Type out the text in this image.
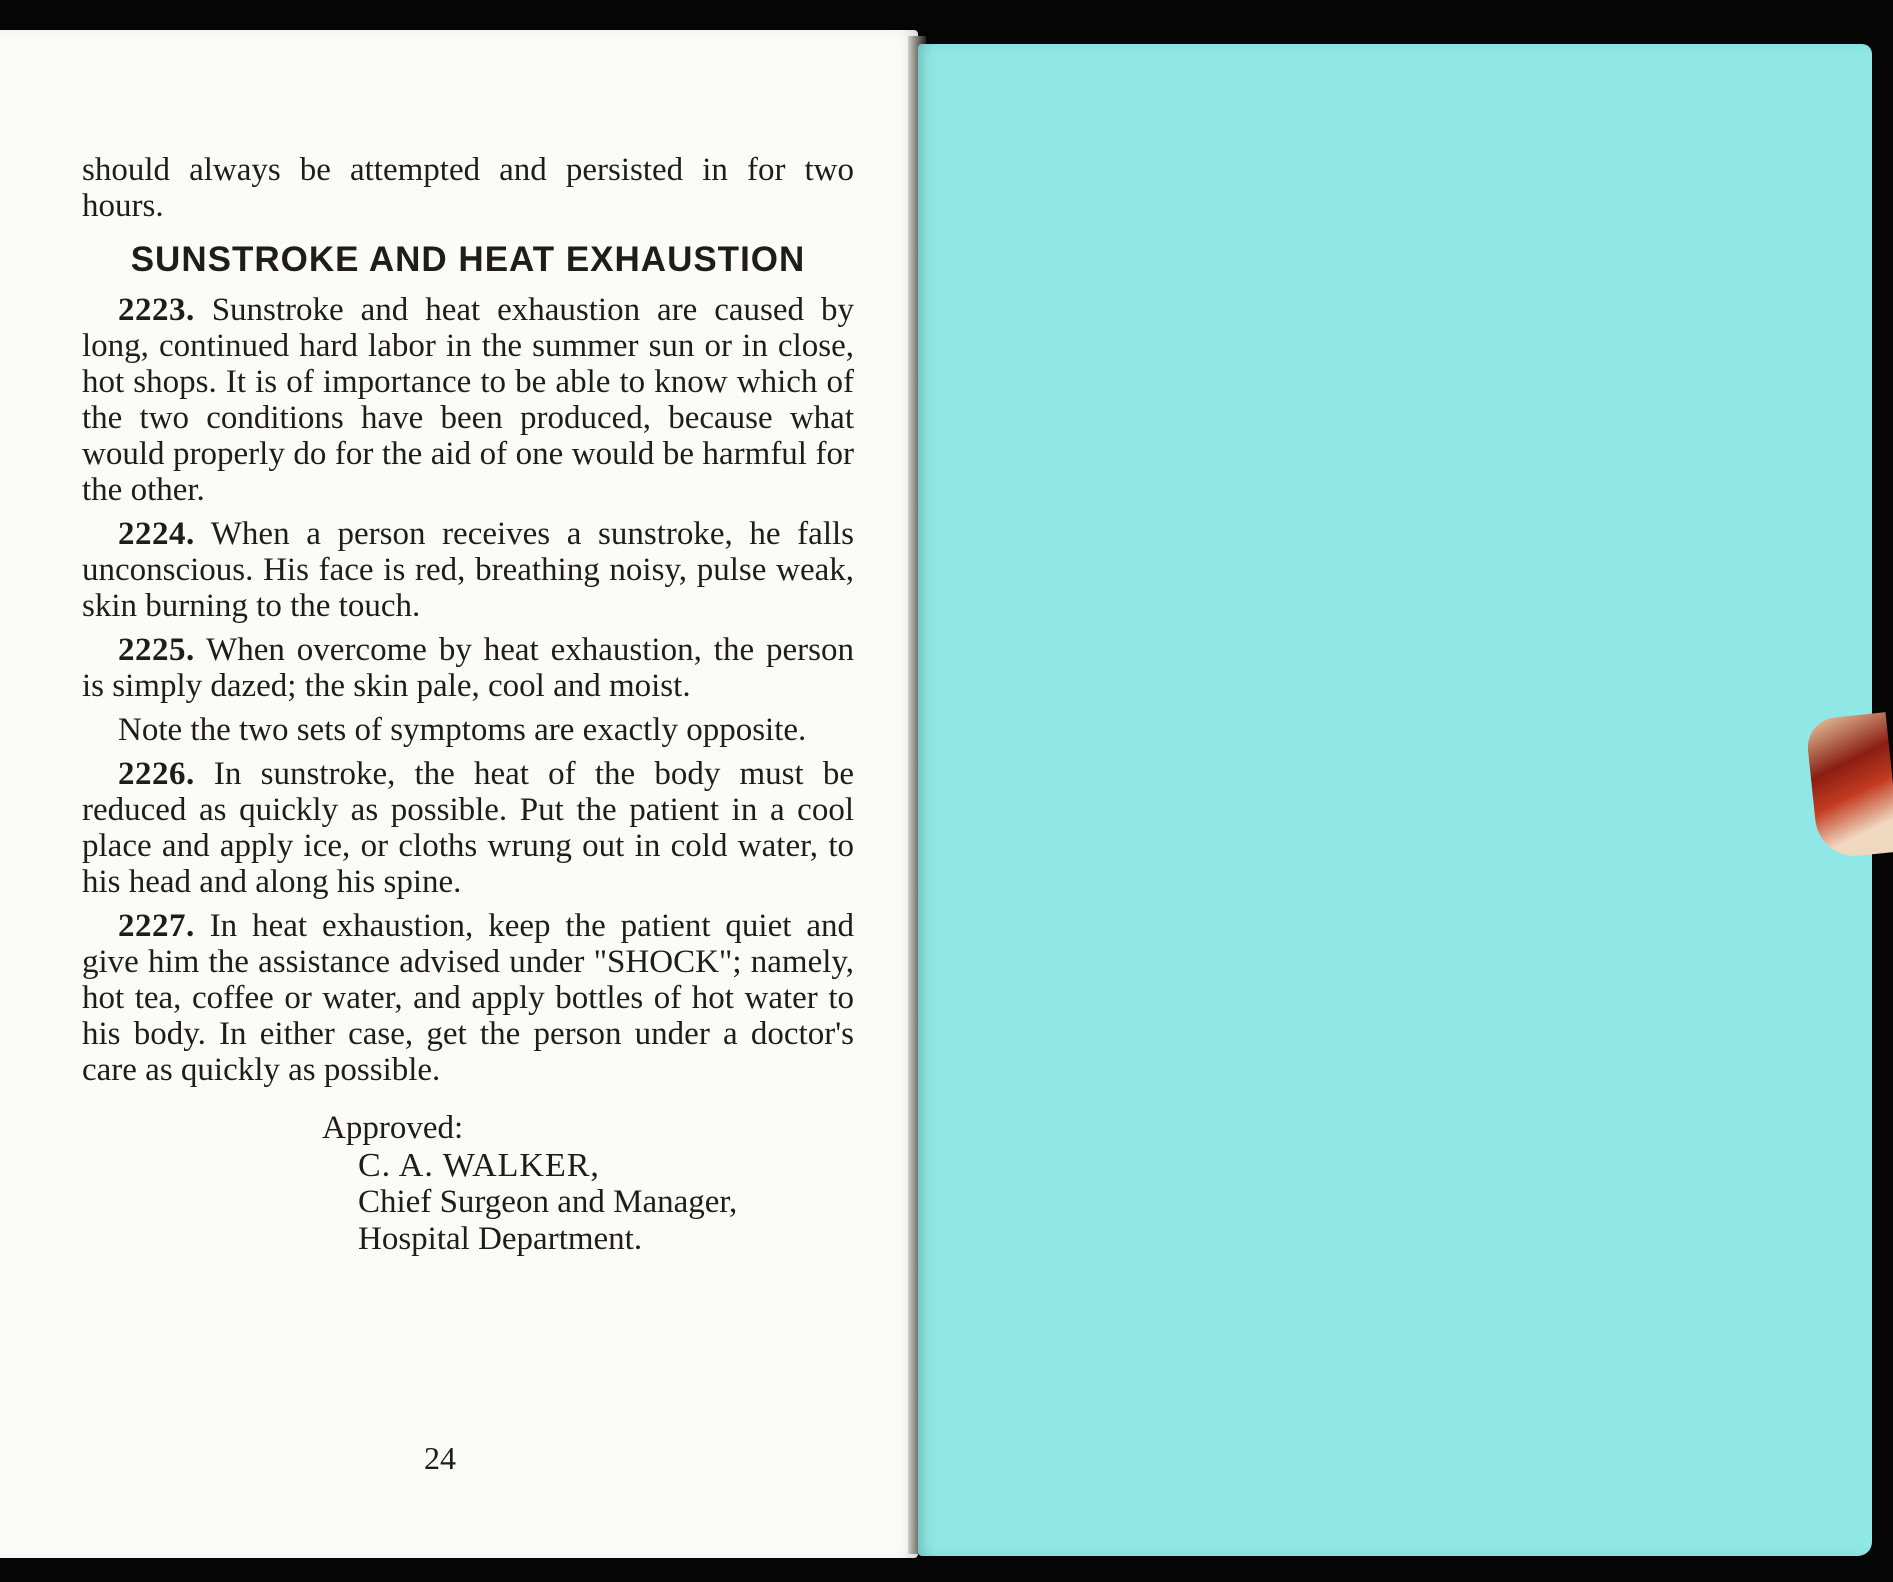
should always be attempted and persisted in for two hours.

SUNSTROKE AND HEAT EXHAUSTION

2223. Sunstroke and heat exhaustion are caused by long, continued hard labor in the summer sun or in close, hot shops. It is of importance to be able to know which of the two conditions have been produced, because what would properly do for the aid of one would be harmful for the other.

2224. When a person receives a sunstroke, he falls unconscious. His face is red, breathing noisy, pulse weak, skin burning to the touch.

2225. When overcome by heat exhaustion, the person is simply dazed; the skin pale, cool and moist.

Note the two sets of symptoms are exactly opposite.

2226. In sunstroke, the heat of the body must be reduced as quickly as possible. Put the patient in a cool place and apply ice, or cloths wrung out in cold water, to his head and along his spine.

2227. In heat exhaustion, keep the patient quiet and give him the assistance advised under "SHOCK"; namely, hot tea, coffee or water, and apply bottles of hot water to his body. In either case, get the person under a doctor's care as quickly as possible.

Approved:
C. A. WALKER,
Chief Surgeon and Manager,
Hospital Department.
24
